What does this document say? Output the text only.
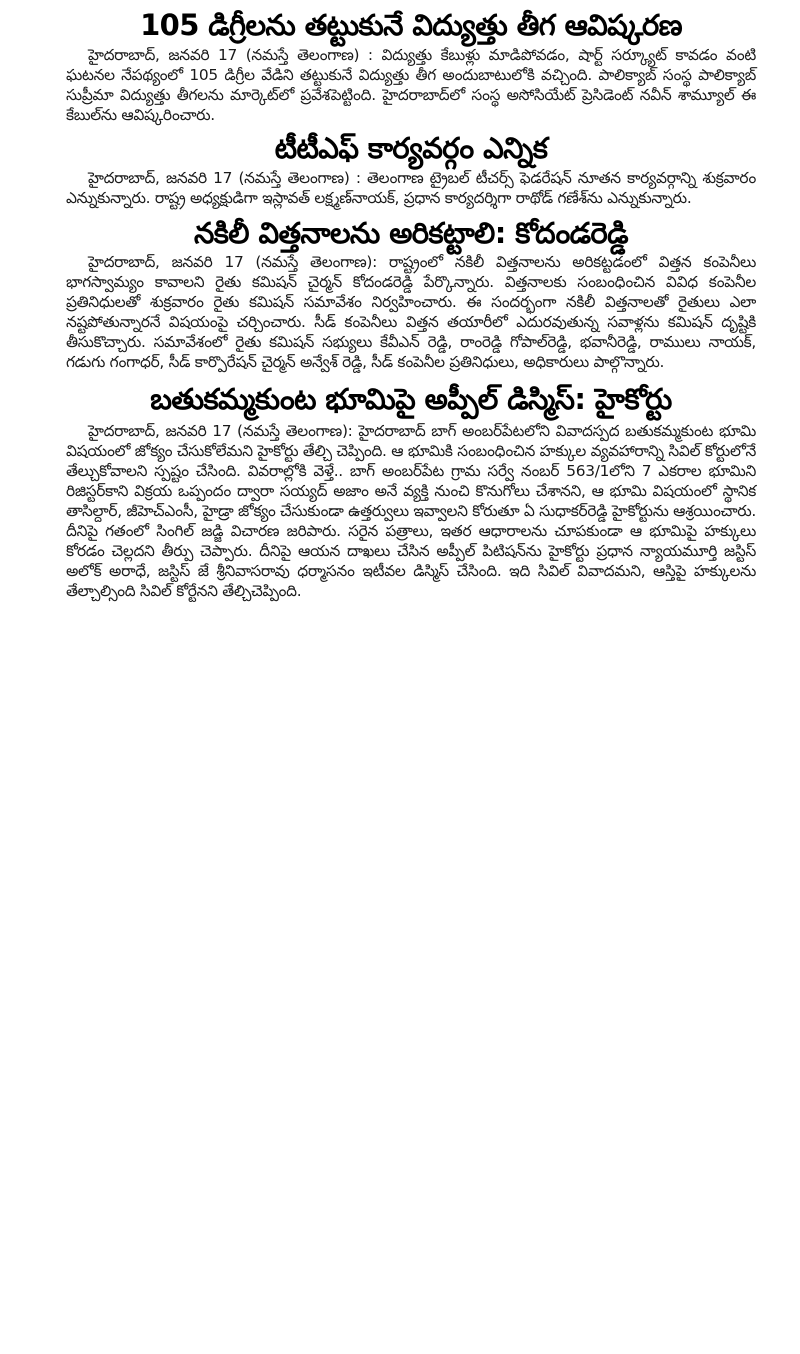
105 డిగ్రీలను తట్టుకునే విద్యుత్తు తీగ ఆవిష్కరణ

హైదరాబాద్, జనవరి 17 (నమస్తే తెలంగాణ) : విద్యుత్తు కేబుళ్లు మాడిపోవడం, షార్ట్ సర్క్యూట్ కావడం వంటి ఘటనల నేపథ్యంలో 105 డిగ్రీల వేడిని తట్టుకునే విద్యుత్తు తీగ అందుబాటులోకి వచ్చింది. పాలిక్యాబ్ సంస్థ పాలిక్యాబ్ సుప్రీమా విద్యుత్తు తీగలను మార్కెట్‌లో ప్రవేశపెట్టింది. హైదరాబాద్‌లో సంస్థ అసోసియేట్ ప్రెసిడెంట్ నవీన్ శామ్యూల్ ఈ కేబుల్‌ను ఆవిష్కరించారు.

టీటీఎఫ్ కార్యవర్గం ఎన్నిక

హైదరాబాద్, జనవరి 17 (నమస్తే తెలంగాణ) : తెలంగాణ ట్రైబల్ టీచర్స్ ఫెడరేషన్ నూతన కార్యవర్గాన్ని శుక్రవారం ఎన్నుకున్నారు. రాష్ట్ర అధ్యక్షుడిగా ఇస్లావత్ లక్ష్మణ్‌నాయక్, ప్రధాన కార్యదర్శిగా రాథోడ్ గణేశ్‌ను ఎన్నుకున్నారు.

నకిలీ విత్తనాలను అరికట్టాలి: కోదండరెడ్డి

హైదరాబాద్, జనవరి 17 (నమస్తే తెలంగాణ): రాష్ట్రంలో నకిలీ విత్తనాలను అరికట్టడంలో విత్తన కంపెనీలు భాగస్వామ్యం కావాలని రైతు కమిషన్ చైర్మన్ కోదండరెడ్డి పేర్కొన్నారు. విత్తనాలకు సంబంధించిన వివిధ కంపెనీల ప్రతినిధులతో శుక్రవారం రైతు కమిషన్ సమావేశం నిర్వహించారు. ఈ సందర్భంగా నకిలీ విత్తనాలతో రైతులు ఎలా నష్టపోతున్నారనే విషయంపై చర్చించారు. సీడ్ కంపెనీలు విత్తన తయారీలో ఎదురవుతున్న సవాళ్లను కమిషన్ దృష్టికి తీసుకొచ్చారు. సమావేశంలో రైతు కమిషన్ సభ్యులు కేవీఎన్ రెడ్డి, రాంరెడ్డి గోపాల్‌రెడ్డి, భవానీరెడ్డి, రాములు నాయక్, గడుగు గంగాధర్, సీడ్ కార్పొరేషన్ చైర్మన్ అన్వేశ్ రెడ్డి, సీడ్ కంపెనీల ప్రతినిధులు, అధికారులు పాల్గొన్నారు.

బతుకమ్మకుంట భూమిపై అప్పీల్ డిస్మిస్: హైకోర్టు

హైదరాబాద్, జనవరి 17 (నమస్తే తెలంగాణ): హైదరాబాద్ బాగ్ అంబర్‌పేటలోని వివాదస్పద బతుకమ్మకుంట భూమి విషయంలో జోక్యం చేసుకోలేమని హైకోర్టు తేల్చి చెప్పింది. ఆ భూమికి సంబంధించిన హక్కుల వ్యవహారాన్ని సివిల్ కోర్టులోనే తేల్చుకోవాలని స్పష్టం చేసింది. వివరాల్లోకి వెళ్తే.. బాగ్ అంబర్‌పేట గ్రామ సర్వే నంబర్ 563/1లోని 7 ఎకరాల భూమిని రిజిస్టర్‌కాని విక్రయ ఒప్పందం ద్వారా సయ్యద్ అజాం అనే వ్యక్తి నుంచి కొనుగోలు చేశానని, ఆ భూమి విషయంలో స్థానిక తాసిల్దార్, జీహెచ్‌ఎంసీ, హైడ్రా జోక్యం చేసుకుండా ఉత్తర్వులు ఇవ్వాలని కోరుతూ ఏ సుధాకర్‌రెడ్డి హైకోర్టును ఆశ్రయించారు. దీనిపై గతంలో సింగిల్ జడ్జి విచారణ జరిపారు. సరైన పత్రాలు, ఇతర ఆధారాలను చూపకుండా ఆ భూమిపై హక్కులు కోరడం చెల్లదని తీర్పు చెప్పారు. దీనిపై ఆయన దాఖలు చేసిన అప్పీల్ పిటిషన్‌ను హైకోర్టు ప్రధాన న్యాయమూర్తి జస్టిస్ అలోక్ అరాధే, జస్టిస్ జే శ్రీనివాసరావు ధర్మాసనం ఇటీవల డిస్మిస్ చేసింది. ఇది సివిల్ వివాదమని, ఆస్తిపై హక్కులను తేల్చాల్సింది సివిల్ కోర్టేనని తేల్చిచెప్పింది.
